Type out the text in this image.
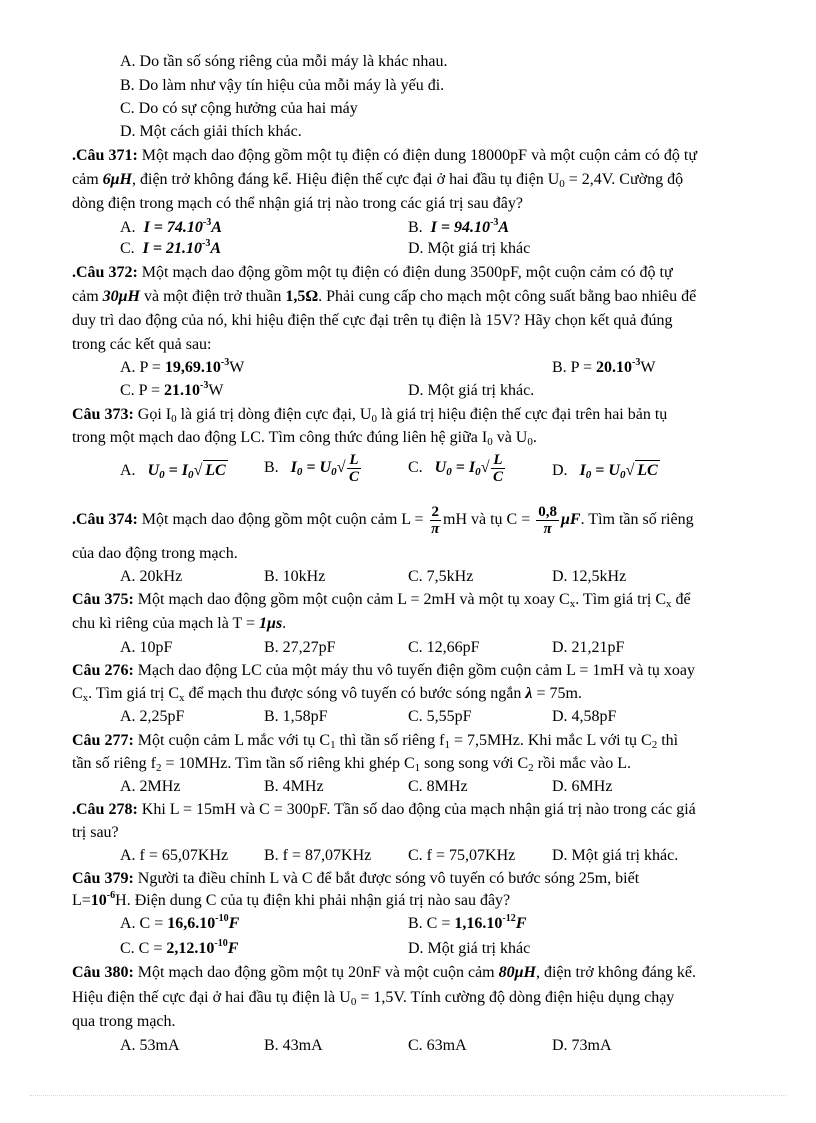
A. Do tần số sóng riêng của mỗi máy là khác nhau.
B. Do làm như vậy tín hiệu của mỗi máy là yếu đi.
C. Do có sự cộng hưởng của hai máy
D. Một cách giải thích khác.
.Câu 371: Một mạch dao động gồm một tụ điện có điện dung 18000pF và một cuộn cảm có độ tự
cảm 6μH, điện trở không đáng kể. Hiệu điện thế cực đại ở hai đầu tụ điện $U_0 = 2,4V$. Cường độ
dòng điện trong mạch có thể nhận giá trị nào trong các giá trị sau đây?
A. $I = 74.10^{-3}A$	B. $I = 94.10^{-3}A$
C. $I = 21.10^{-3}A$	D. Một giá trị khác
.Câu 372: Một mạch dao động gồm một tụ điện có điện dung 3500pF, một cuộn cảm có độ tự
cảm 30μH và một điện trở thuần 1,5Ω. Phải cung cấp cho mạch một công suất bằng bao nhiêu để
duy trì dao động của nó, khi hiệu điện thế cực đại trên tụ điện là 15V? Hãy chọn kết quả đúng
trong các kết quả sau:
A. $P = 19,69.10^{-3}W$	B. $P = 20.10^{-3}W$
C. $P = 21.10^{-3}W$	D. Một giá trị khác.
Câu 373: Gọi $I_0$ là giá trị dòng điện cực đại, $U_0$ là giá trị hiệu điện thế cực đại trên hai bản tụ
trong một mạch dao động LC. Tìm công thức đúng liên hệ giữa $I_0$ và $U_0$.
A. $U_0 = I_0√$ LC B. $I_0 = U_0√ \frac{L}{C}$	C. $U_0 = I_0√ \frac{L}{C}$	D. $I_0 = U_0√$ LC
.Câu 374: Một mạch dao động gồm một cuộn cảm $L = \frac{2}{\pi}$ mH và tụ $C = \frac{0,8}{\pi} \mu F$. Tìm tần số riêng
của dao động trong mạch.
A. 20kHz	B. 10kHz	C. 7,5kHz	D. 12,5kHz
Câu 375: Một mạch dao động gồm một cuộn cảm L = 2mH và một tụ xoay $C_x$. Tìm giá trị $C_x$ để
chu kì riêng của mạch là T = 1μs.
A. 10pF	B. 27,27pF	C. 12,66pF	D. 21,21pF
Câu 276: Mạch dao động LC của một máy thu vô tuyến điện gồm cuộn cảm L = 1mH và tụ xoay
$C_x$. Tìm giá trị $C_x$ để mạch thu được sóng vô tuyến có bước sóng ngắn λ = 75m.
A. 2,25pF	B. 1,58pF	C. 5,55pF	D. 4,58pF
Câu 277: Một cuộn cảm L mắc với tụ $C_1$ thì tần số riêng $f_1 = 7,5MHz$. Khi mắc L với tụ $C_2$ thì
tần số riêng $f_2 = 10MHz$. Tìm tần số riêng khi ghép $C_1$ song song với $C_2$ rồi mắc vào L.
A. 2MHz	B. 4MHz	C. 8MHz	D. 6MHz
.Câu 278: Khi L = 15mH và C = 300pF. Tần số dao động của mạch nhận giá trị nào trong các giá
trị sau?
A. f = 65,07KHz B. f = 87,07KHz C. f = 75,07KHz D. Một giá trị khác.
Câu 379: Người ta điều chỉnh L và C để bắt được sóng vô tuyến có bước sóng 25m, biết
$L=10^{-6}H$. Điện dung C của tụ điện khi phải nhận giá trị nào sau đây?
A. $C = 16,6.10^{-10}F$	B. $C = 1,16.10^{-12}F$
C. $C = 2,12.10^{-10}F$	D. Một giá trị khác
Câu 380: Một mạch dao động gồm một tụ 20nF và một cuộn cảm 80μH, điện trở không đáng kể.
Hiệu điện thế cực đại ở hai đầu tụ điện là $U_0 = 1,5V$. Tính cường độ dòng điện hiệu dụng chạy
qua trong mạch.
A. 53mA	B. 43mA	C. 63mA	D. 73mA
